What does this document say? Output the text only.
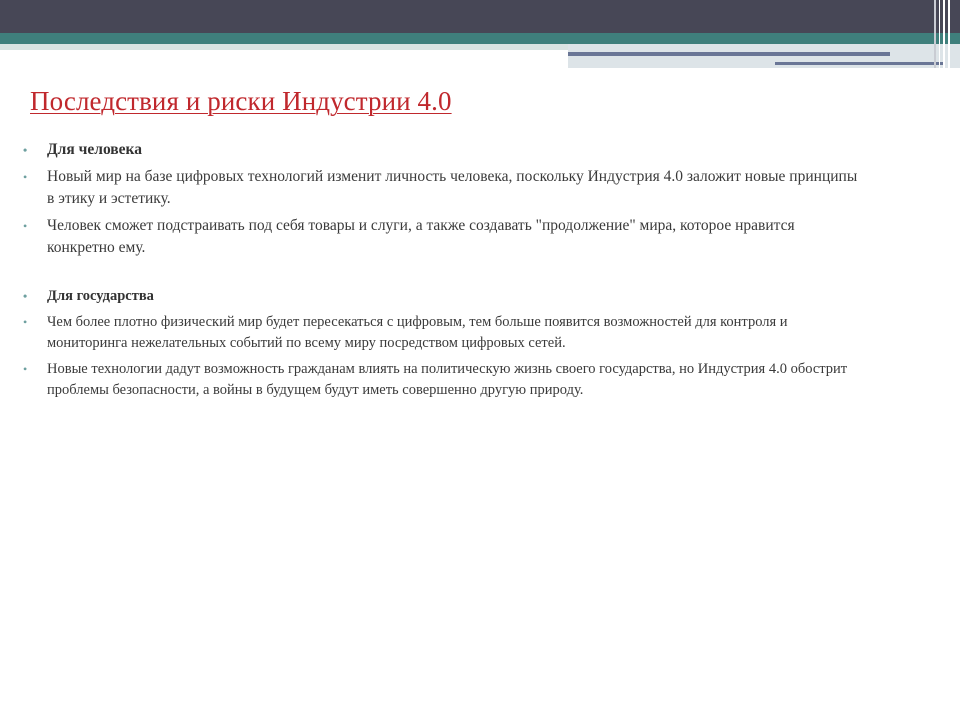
Последствия и риски Индустрии 4.0
• Для человека
• Новый мир на базе цифровых технологий изменит личность человека, поскольку Индустрия 4.0 заложит новые принципы в этику и эстетику.
• Человек сможет подстраивать под себя товары и слуги, а также создавать "продолжение" мира, которое нравится конкретно ему.
• Для государства
• Чем более плотно физический мир будет пересекаться с цифровым, тем больше появится возможностей для контроля и мониторинга нежелательных событий по всему миру посредством цифровых сетей.
• Новые технологии дадут возможность гражданам влиять на политическую жизнь своего государства, но Индустрия 4.0 обострит проблемы безопасности, а войны в будущем будут иметь совершенно другую природу.
